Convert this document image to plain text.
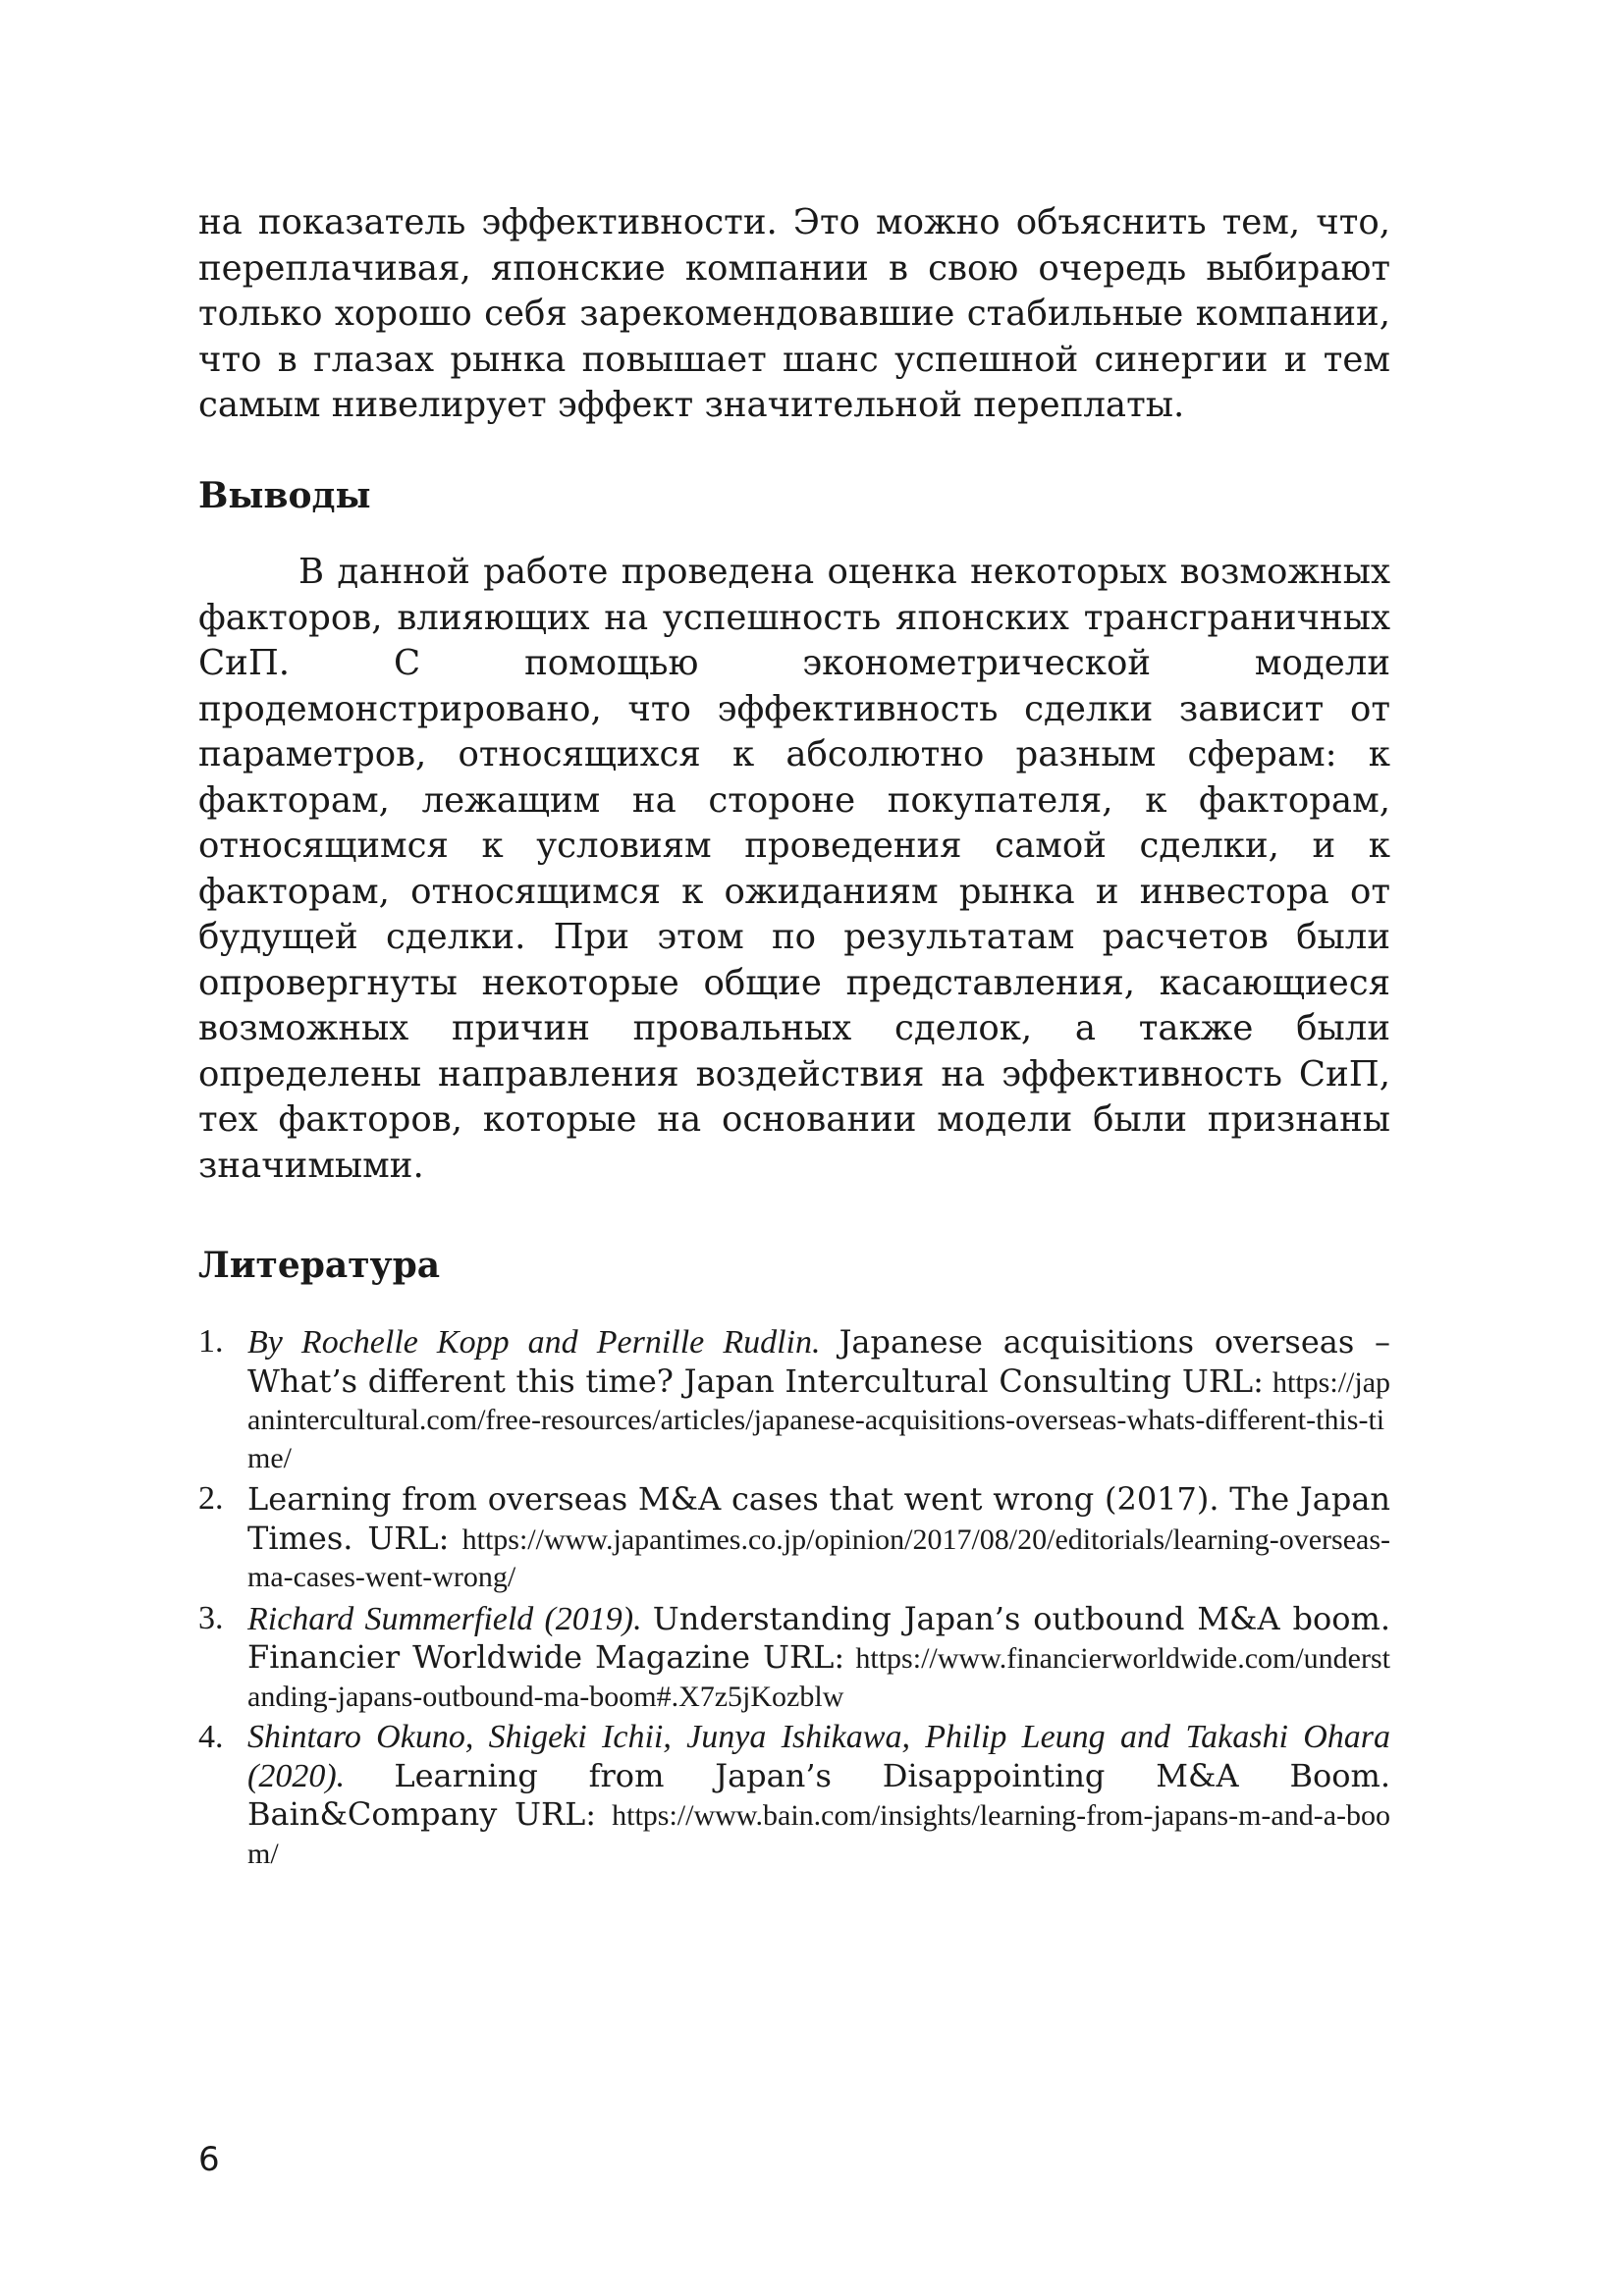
на показатель эффективности. Это можно объяснить тем, что, переплачивая, японские компании в свою очередь выбирают только хорошо себя зарекомендовавшие стабильные компании, что в глазах рынка повышает шанс успешной синергии и тем самым нивелирует эффект значительной переплаты.

Выводы

В данной работе проведена оценка некоторых возможных факторов, влияющих на успешность японских трансграничных СиП. С помощью эконометрической модели продемонстрировано, что эффективность сделки зависит от параметров, относящихся к абсолютно разным сферам: к факторам, лежащим на стороне покупателя, к факторам, относящимся к условиям проведения самой сделки, и к факторам, относящимся к ожиданиям рынка и инвестора от будущей сделки. При этом по результатам расчетов были опровергнуты некоторые общие представления, касающиеся возможных причин провальных сделок, а также были определены направления воздействия на эффективность СиП, тех факторов, которые на основании модели были признаны значимыми.

Литература
1. By Rochelle Kopp and Pernille Rudlin. Japanese acquisitions overseas – What’s different this time? Japan Intercultural Consulting URL: https://japanintercultural.com/free-resources/articles/japanese-acquisitions-overseas-whats-different-this-time/
2. Learning from overseas M&A cases that went wrong (2017). The Japan Times. URL: https://www.japantimes.co.jp/opinion/2017/08/20/editorials/learning-overseas-ma-cases-went-wrong/
3. Richard Summerfield (2019). Understanding Japan’s outbound M&A boom. Financier Worldwide Magazine URL: https://www.financierworldwide.com/understanding-japans-outbound-ma-boom#.X7z5jKozblw
4. Shintaro Okuno, Shigeki Ichii, Junya Ishikawa, Philip Leung and Takashi Ohara (2020). Learning from Japan’s Disappointing M&A Boom. Bain&Company URL: https://www.bain.com/insights/learning-from-japans-m-and-a-boom/
6
